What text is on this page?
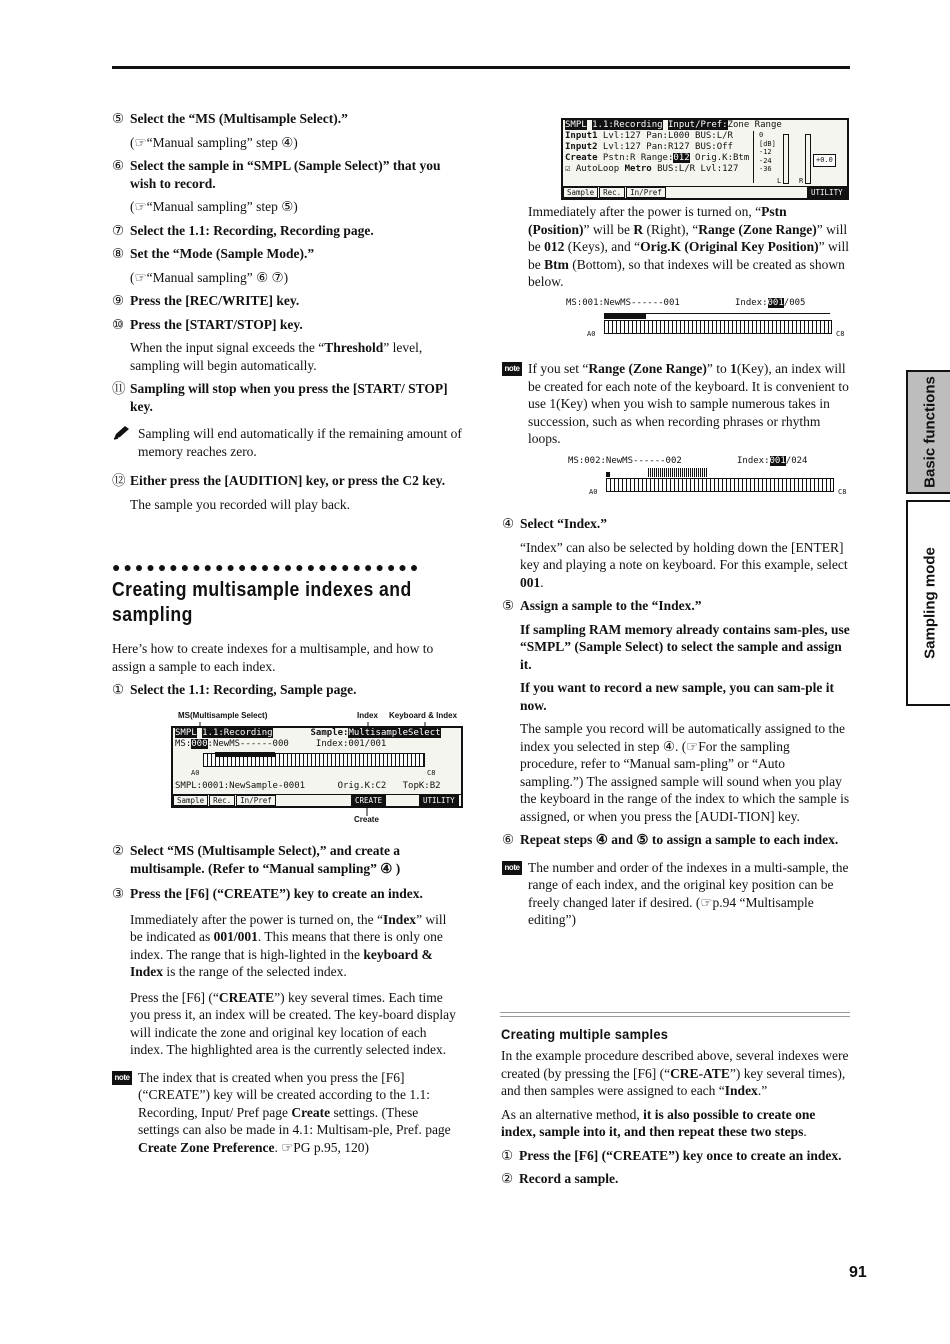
⑤ Select the “MS (Multisample Select).”

(☞“Manual sampling” step ④)

⑥ Select the sample in “SMPL (Sample Select)” that you wish to record.

(☞“Manual sampling” step ⑤)

⑦ Select the 1.1: Recording, Recording page.

⑧ Set the “Mode (Sample Mode).”

(☞“Manual sampling” ⑥ ⑦)

⑨ Press the [REC/WRITE] key.

⑩ Press the [START/STOP] key.

When the input signal exceeds the “Threshold” level, sampling will begin automatically.

⑪ Sampling will stop when you press the [START/ STOP] key.

Sampling will end automatically if the remaining amount of memory reaches zero.

⑫ Either press the [AUDITION] key, or press the C2 key.

The sample you recorded will play back.

●●●●●●●●●●●●●●●●●●●●●●●●●●●
Creating multisample indexes and sampling

Here’s how to create indexes for a multisample, and how to assign a sample to each index.

① Select the 1.1: Recording, Sample page.

MS(Multisample Select)	Index Keyboard & Index
SMPL 1.1:Recording	Sample:MultisampleSelect
MS:000:NewMS------000	Index:001/001
A0	C8
SMPL:0001:NewSample-0001	Orig.K:C2 TopK:B2
Sample Rec. In/Pref	CREATE	UTILITY
Create

② Select “MS (Multisample Select),” and create a multisample. (Refer to “Manual sampling” ④ )

③ Press the [F6] (“CREATE”) key to create an index.

Immediately after the power is turned on, the “Index” will be indicated as 001/001. This means that there is only one index. The range that is high-lighted in the keyboard & Index is the range of the selected index.

Press the [F6] (“CREATE”) key several times. Each time you press it, an index will be created. The key-board display will indicate the zone and original key location of each index. The highlighted area is the currently selected index.

note The index that is created when you press the [F6] (“CREATE”) key will be created according to the 1.1: Recording, Input/ Pref page Create settings. (These settings can also be made in 4.1: Multisam-ple, Pref. page Create Zone Preference. ☞PG p.95, 120)

SMPL 1.1:Recording Input/Pref:Zone Range
Input1 Lvl:127 Pan:L000 BUS:L/R
Input2 Lvl:127 Pan:R127 BUS:Off
Create Pstn:R Range:012 Orig.K:Btm
☑ AutoLoop Metro BUS:L/R Lvl:127
0
[dB]
-12
-24
-36
L	R
+0.0
Sample Rec. In/Pref	UTILITY

Immediately after the power is turned on, “Pstn (Position)” will be R (Right), “Range (Zone Range)” will be 012 (Keys), and “Orig.K (Original Key Position)” will be Btm (Bottom), so that indexes will be created as shown below.

MS:001:NewMS------001	Index:001/005
A0	C8
note If you set “Range (Zone Range)” to 1(Key), an index will be created for each note of the keyboard. It is convenient to use 1(Key) when you wish to sample numerous takes in succession, such as when recording phrases or rhythm loops.

MS:002:NewMS------002	Index:001/024
A0	C8

④ Select “Index.”

“Index” can also be selected by holding down the [ENTER] key and playing a note on keyboard. For this example, select 001.

⑤ Assign a sample to the “Index.”

If sampling RAM memory already contains sam-ples, use “SMPL” (Sample Select) to select the sample and assign it.

If you want to record a new sample, you can sam-ple it now.

The sample you record will be automatically assigned to the index you selected in step ④. (☞For the sampling procedure, refer to “Manual sam-pling” or “Auto sampling.”) The assigned sample will sound when you play the keyboard in the range of the index to which the sample is assigned, or when you press the [AUDI-TION] key.

⑥ Repeat steps ④ and ⑤ to assign a sample to each index.

note The number and order of the indexes in a multi-sample, the range of each index, and the original key position can be freely changed later if desired. (☞p.94 “Multisample editing”)

Creating multiple samples

In the example procedure described above, several indexes were created (by pressing the [F6] (“CRE-ATE”) key several times), and then samples were assigned to each “Index.”

As an alternative method, it is also possible to create one index, sample into it, and then repeat these two steps.

① Press the [F6] (“CREATE”) key once to create an index.

② Record a sample.

Basic functions
Sampling mode
91
